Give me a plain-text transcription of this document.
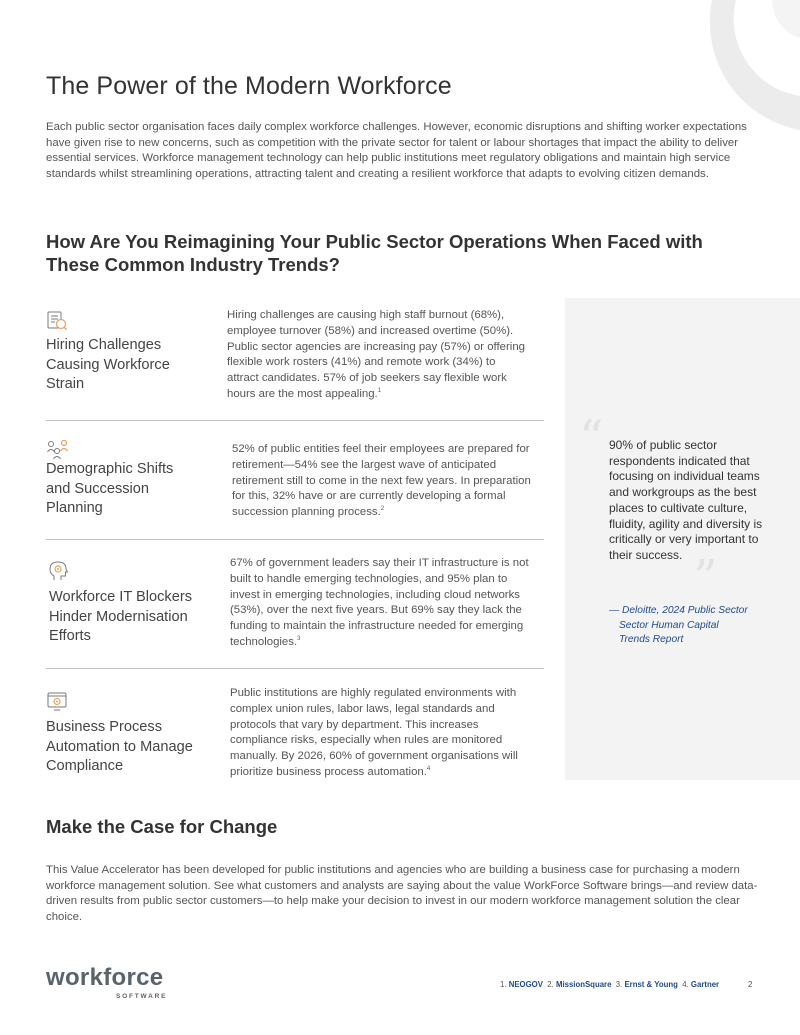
The Power of the Modern Workforce

Each public sector organisation faces daily complex workforce challenges. However, economic disruptions and shifting worker expectations have given rise to new concerns, such as competition with the private sector for talent or labour shortages that impact the ability to deliver essential services. Workforce management technology can help public institutions meet regulatory obligations and maintain high service standards whilst streamlining operations, attracting talent and creating a resilient workforce that adapts to evolving citizen demands.

How Are You Reimagining Your Public Sector Operations When Faced with These Common Industry Trends?
Hiring Challenges Causing Workforce Strain
Hiring challenges are causing high staff burnout (68%), employee turnover (58%) and increased overtime (50%). Public sector agencies are increasing pay (57%) or offering flexible work rosters (41%) and remote work (34%) to attract candidates. 57% of job seekers say flexible work hours are the most appealing.$^1$
Demographic Shifts and Succession Planning
52% of public entities feel their employees are prepared for retirement—54% see the largest wave of anticipated retirement still to come in the next few years. In preparation for this, 32% have or are currently developing a formal succession planning process.$^2$
Workforce IT Blockers Hinder Modernisation Efforts
67% of government leaders say their IT infrastructure is not built to handle emerging technologies, and 95% plan to invest in emerging technologies, including cloud networks (53%), over the next five years. But 69% say they lack the funding to maintain the infrastructure needed for emerging technologies.$^3$
Business Process Automation to Manage Compliance
Public institutions are highly regulated environments with complex union rules, labor laws, legal standards and protocols that vary by department. This increases compliance risks, especially when rules are monitored manually. By 2026, 60% of government organisations will prioritize business process automation.$^4$
“ 90% of public sector respondents indicated that focusing on individual teams and workgroups as the best places to cultivate culture, fluidity, agility and diversity is critically or very important to their success. ”
— Deloitte, 2024 Public Sector
Sector Human Capital
Trends Report
Make the Case for Change

This Value Accelerator has been developed for public institutions and agencies who are building a business case for purchasing a modern workforce management solution. See what customers and analysts are saying about the value WorkForce Software brings—and review data-driven results from public sector customers—to help make your decision to invest in our modern workforce management solution the clear choice.

workforce
SOFTWARE
1. NEOGOV 2. MissionSquare 3. Ernst & Young 4. Gartner	2
